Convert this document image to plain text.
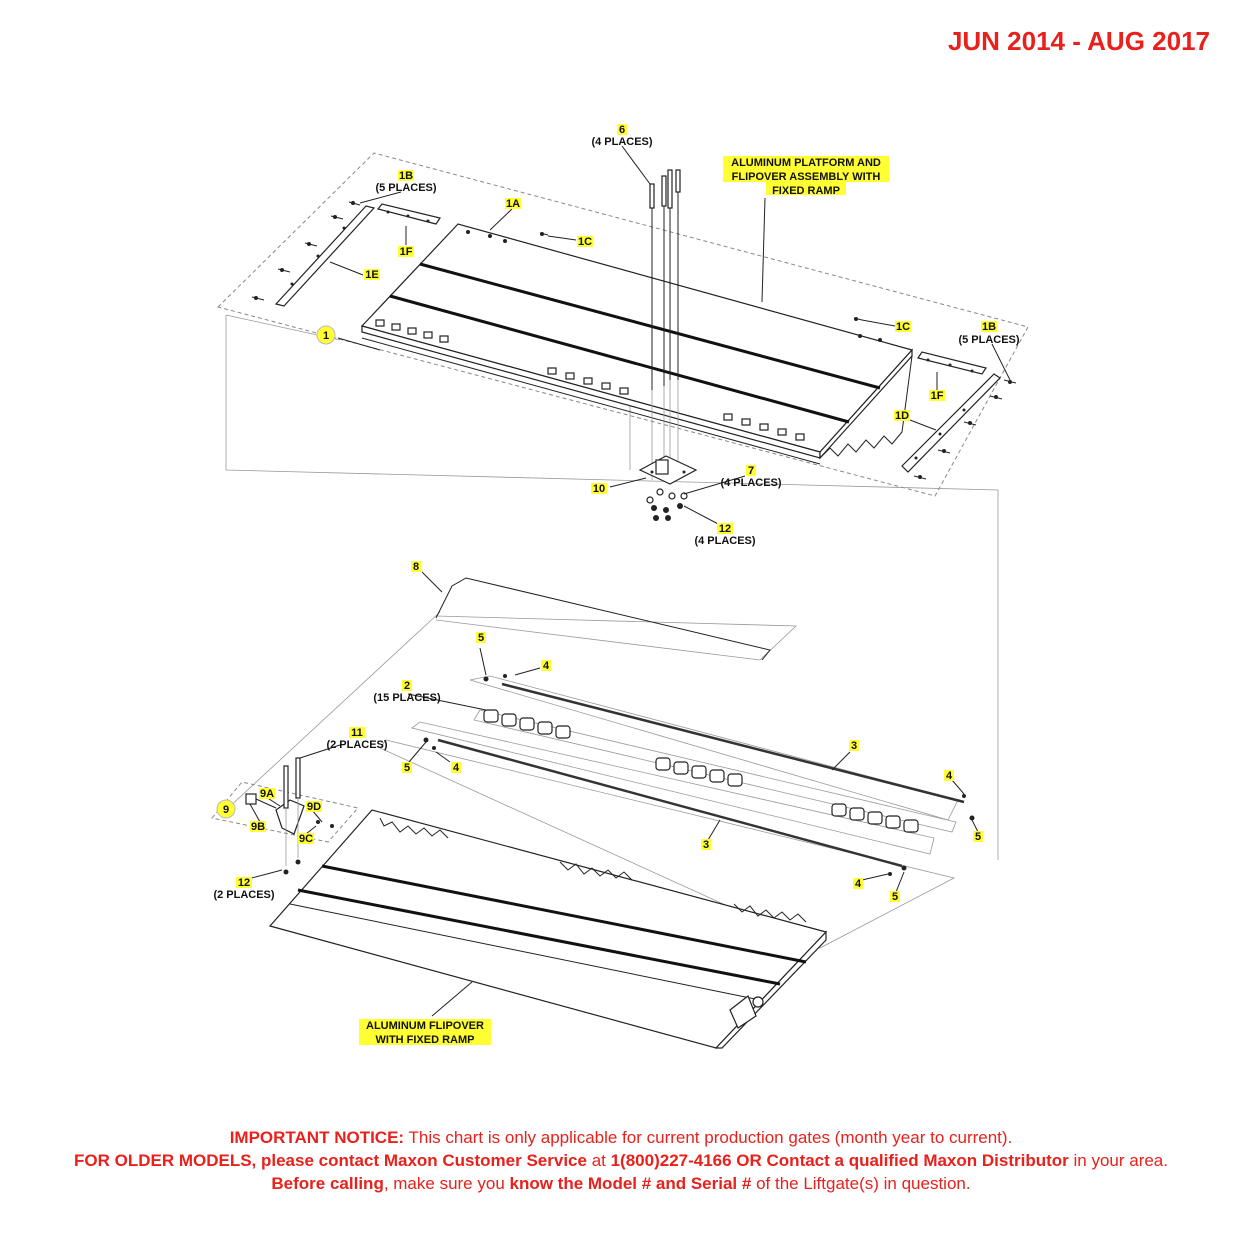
JUN 2014 - AUG 2017
6
(4 PLACES)
1B
(5 PLACES)
1A
1C
1F
1E
1
1C	1B
(5 PLACES)
1F
1D
ALUMINUM PLATFORM AND
FLIPOVER ASSEMBLY WITH
FIXED RAMP
10
7
(4 PLACES)
12
(4 PLACES)
8
5
4
2
(15 PLACES)
11
(2 PLACES)	3
5	4
4
9A
9	9D
9B
5
9C	3
4
12
(2 PLACES)	5
ALUMINUM FLIPOVER
WITH FIXED RAMP
IMPORTANT NOTICE: This chart is only applicable for current production gates (month year to current).
FOR OLDER MODELS, please contact Maxon Customer Service at 1(800)227-4166 OR Contact a qualified Maxon Distributor in your area. Before calling, make sure you know the Model # and Serial # of the Liftgate(s) in question.
